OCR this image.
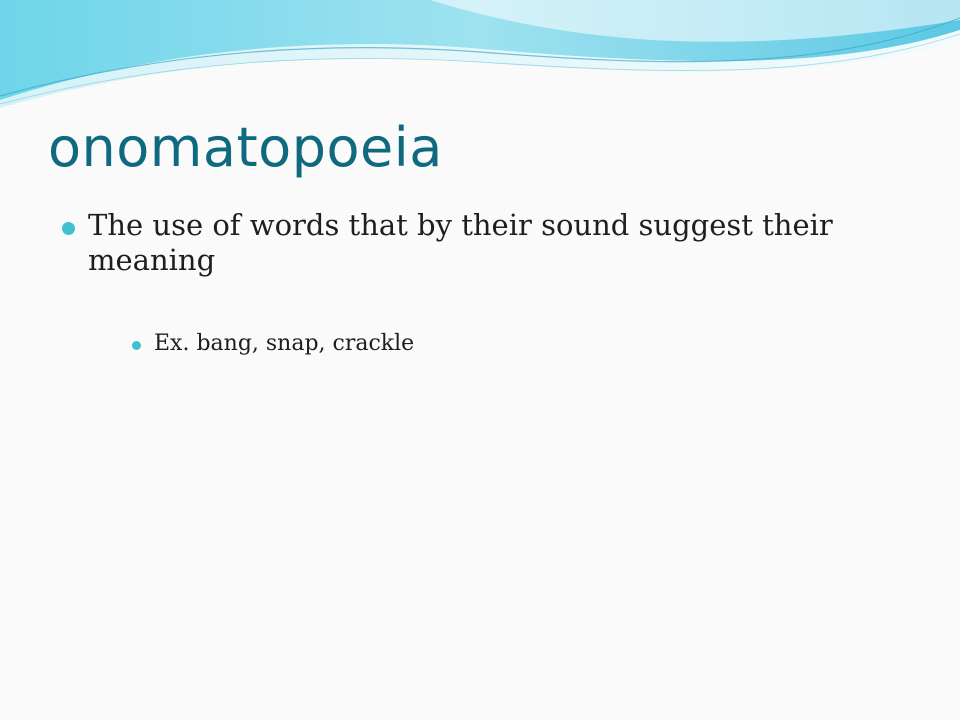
onomatopoeia
The use of words that by their sound suggest their meaning
Ex. bang, snap, crackle
